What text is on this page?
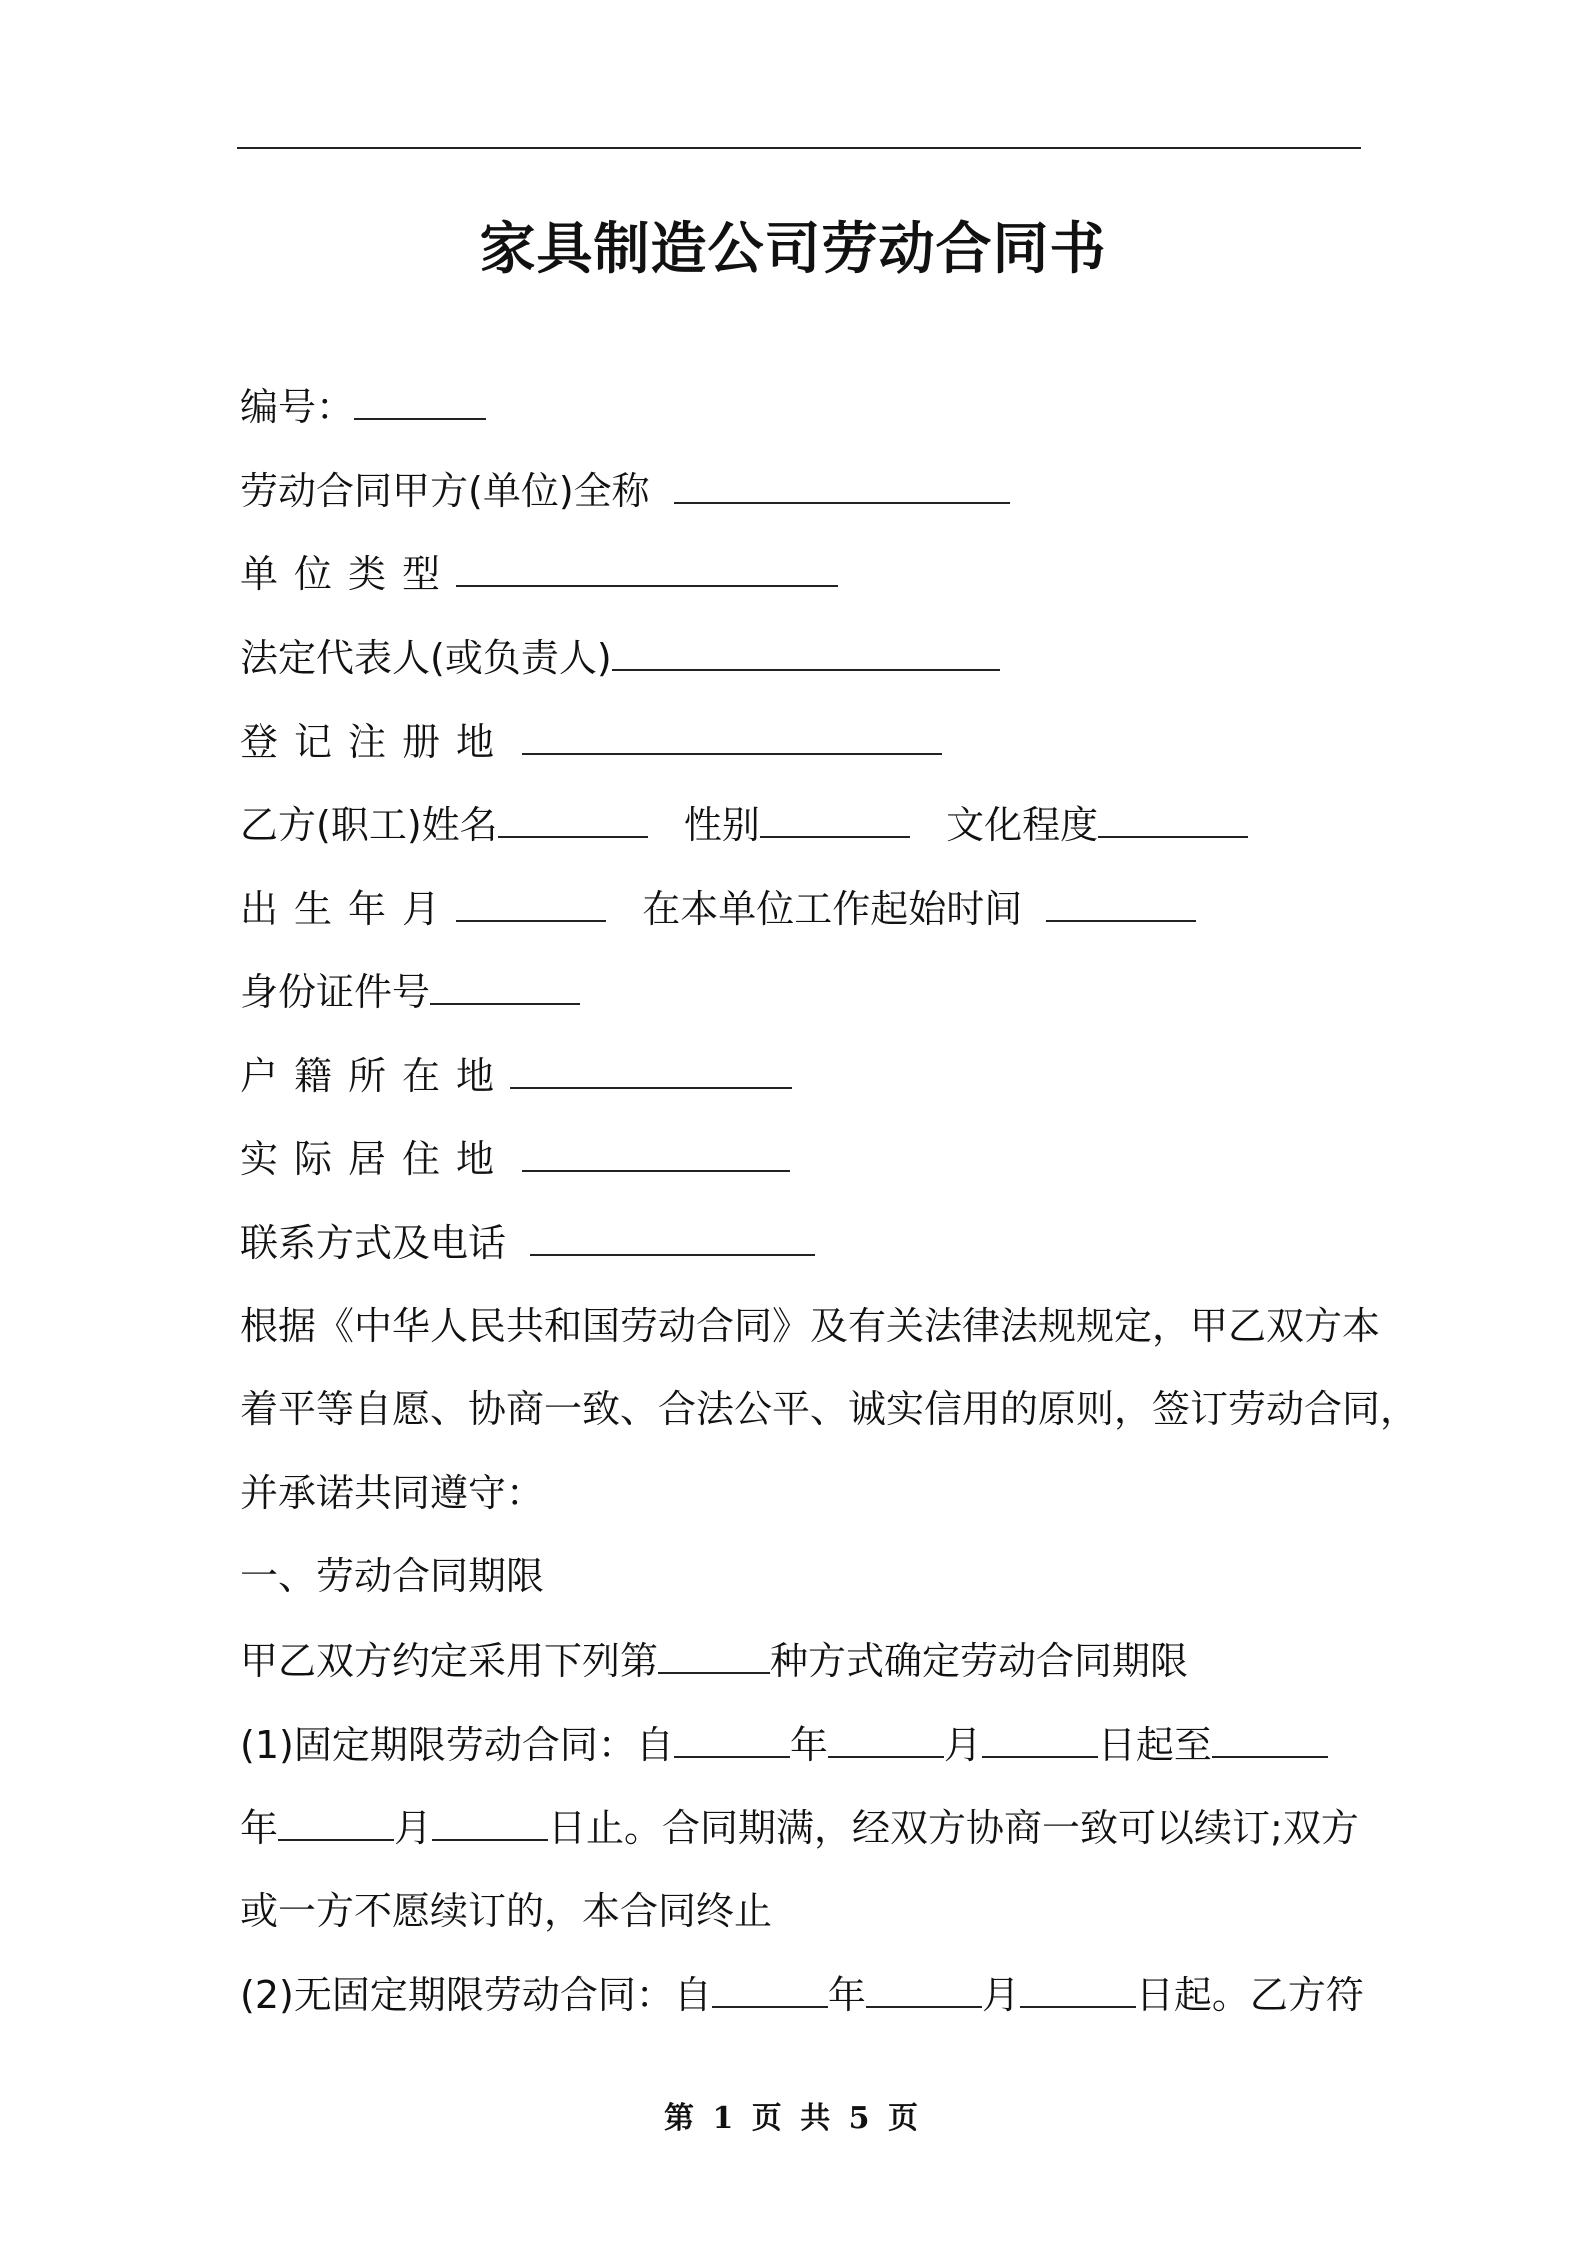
家具制造公司劳动合同书
编号：
劳动合同甲方(单位)全称
单位类型
法定代表人(或负责人)
登记注册地
乙方(职工)姓名	性别	文化程度
出生年月	在本单位工作起始时间
身份证件号
户籍所在地
实际居住地
联系方式及电话
根据《中华人民共和国劳动合同》及有关法律法规规定，甲乙双方本
着平等自愿、协商一致、合法公平、诚实信用的原则，签订劳动合同，
并承诺共同遵守：
一、劳动合同期限
甲乙双方约定采用下列第	种方式确定劳动合同期限
(1)固定期限劳动合同：自	年	月	日起至
年	月	日止。合同期满，经双方协商一致可以续订;双方
或一方不愿续订的，本合同终止
(2)无固定期限劳动合同：自	年	月	日起。乙方符
第 1 页 共 5 页
